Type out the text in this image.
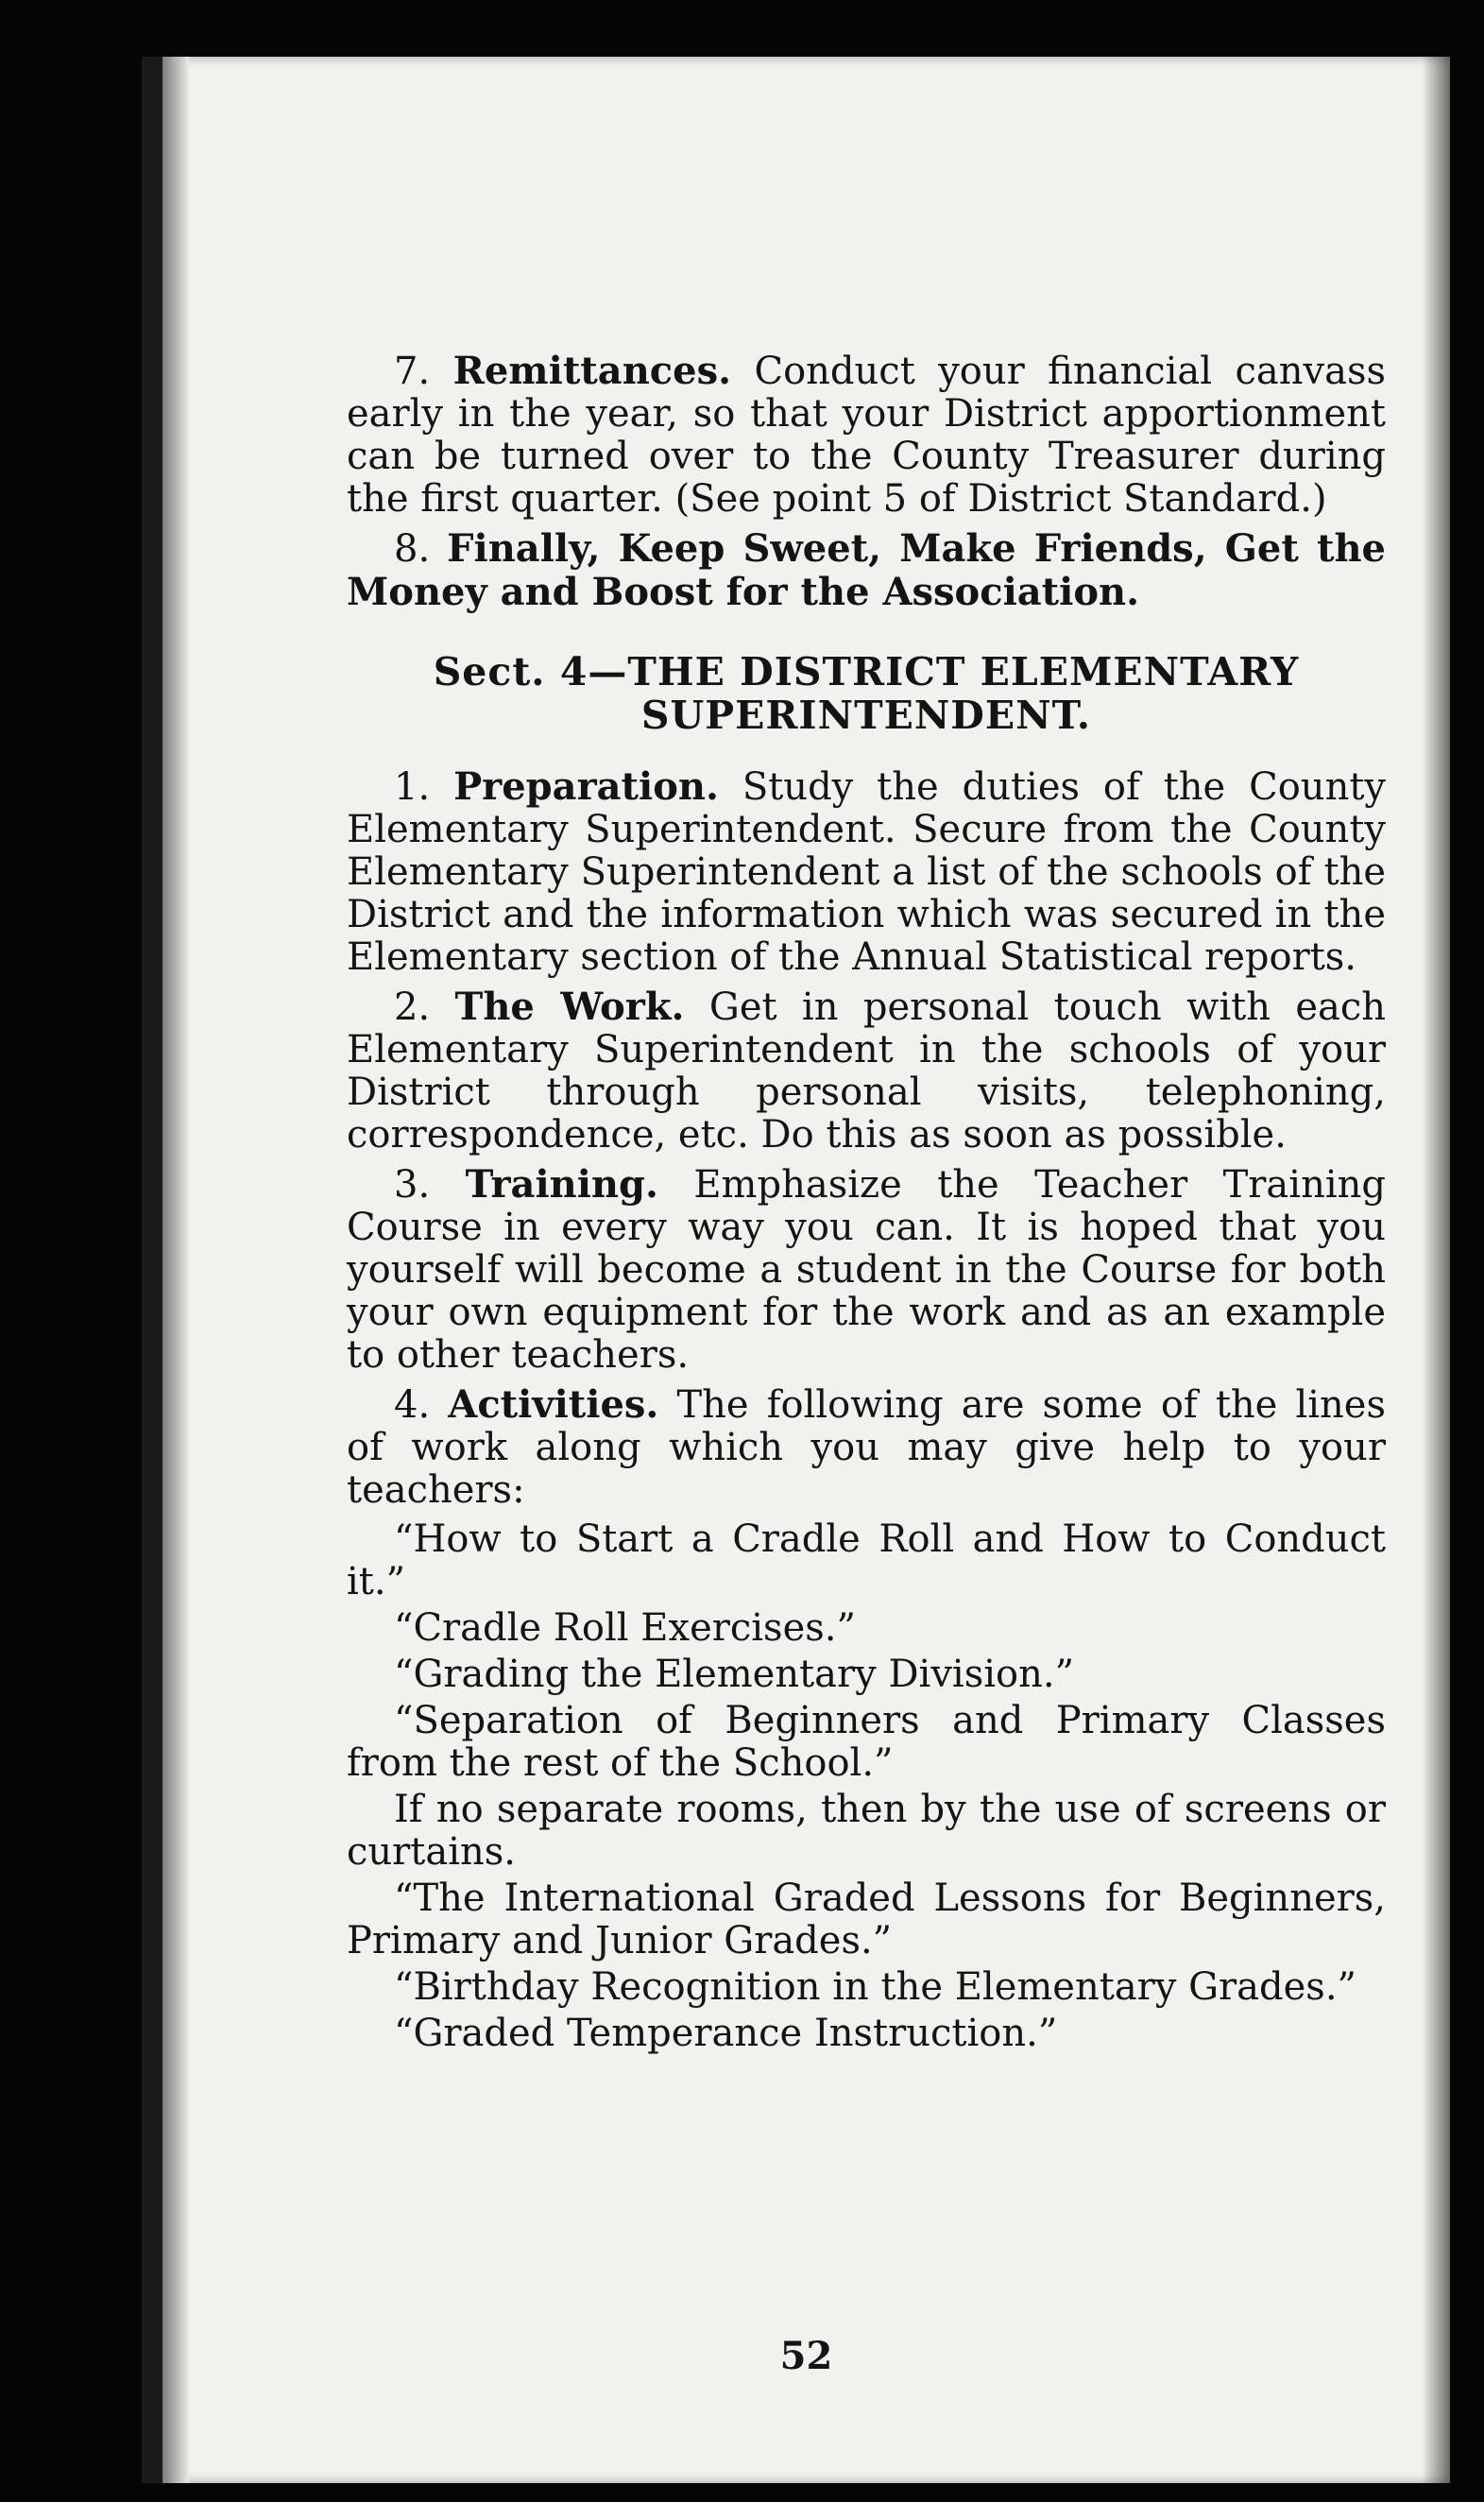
7. Remittances. Conduct your financial canvass early in the year, so that your District apportionment can be turned over to the County Treasurer during the first quarter. (See point 5 of District Standard.)

8. Finally, Keep Sweet, Make Friends, Get the Money and Boost for the Association.

Sect. 4—THE DISTRICT ELEMENTARY SUPERINTENDENT.

1. Preparation. Study the duties of the County Elementary Superintendent. Secure from the County Elementary Superintendent a list of the schools of the District and the information which was secured in the Elementary section of the Annual Statistical reports.

2. The Work. Get in personal touch with each Elementary Superintendent in the schools of your District through personal visits, telephoning, correspondence, etc. Do this as soon as possible.

3. Training. Emphasize the Teacher Training Course in every way you can. It is hoped that you yourself will become a student in the Course for both your own equipment for the work and as an example to other teachers.

4. Activities. The following are some of the lines of work along which you may give help to your teachers:

“How to Start a Cradle Roll and How to Conduct it.”

“Cradle Roll Exercises.”

“Grading the Elementary Division.”

“Separation of Beginners and Primary Classes from the rest of the School.”

If no separate rooms, then by the use of screens or curtains.

“The International Graded Lessons for Beginners, Primary and Junior Grades.”

“Birthday Recognition in the Elementary Grades.”

“Graded Temperance Instruction.”

52
